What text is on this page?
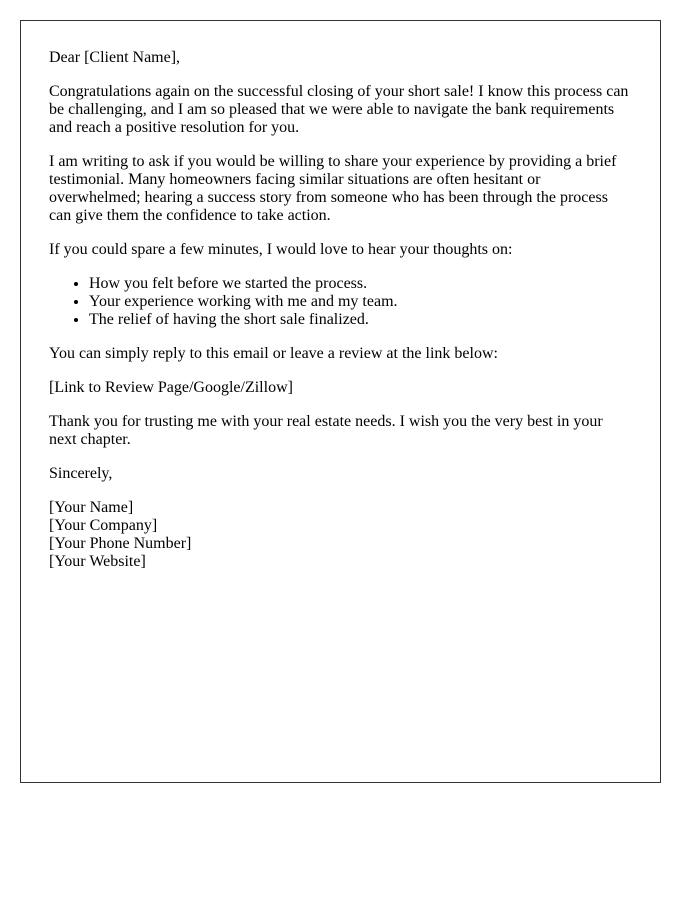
Dear [Client Name],

Congratulations again on the successful closing of your short sale! I know this process can be challenging, and I am so pleased that we were able to navigate the bank requirements and reach a positive resolution for you.

I am writing to ask if you would be willing to share your experience by providing a brief testimonial. Many homeowners facing similar situations are often hesitant or overwhelmed; hearing a success story from someone who has been through the process can give them the confidence to take action.

If you could spare a few minutes, I would love to hear your thoughts on:

• How you felt before we started the process.
• Your experience working with me and my team.
• The relief of having the short sale finalized.

You can simply reply to this email or leave a review at the link below:

[Link to Review Page/Google/Zillow]

Thank you for trusting me with your real estate needs. I wish you the very best in your next chapter.

Sincerely,

[Your Name]
[Your Company]
[Your Phone Number]
[Your Website]
